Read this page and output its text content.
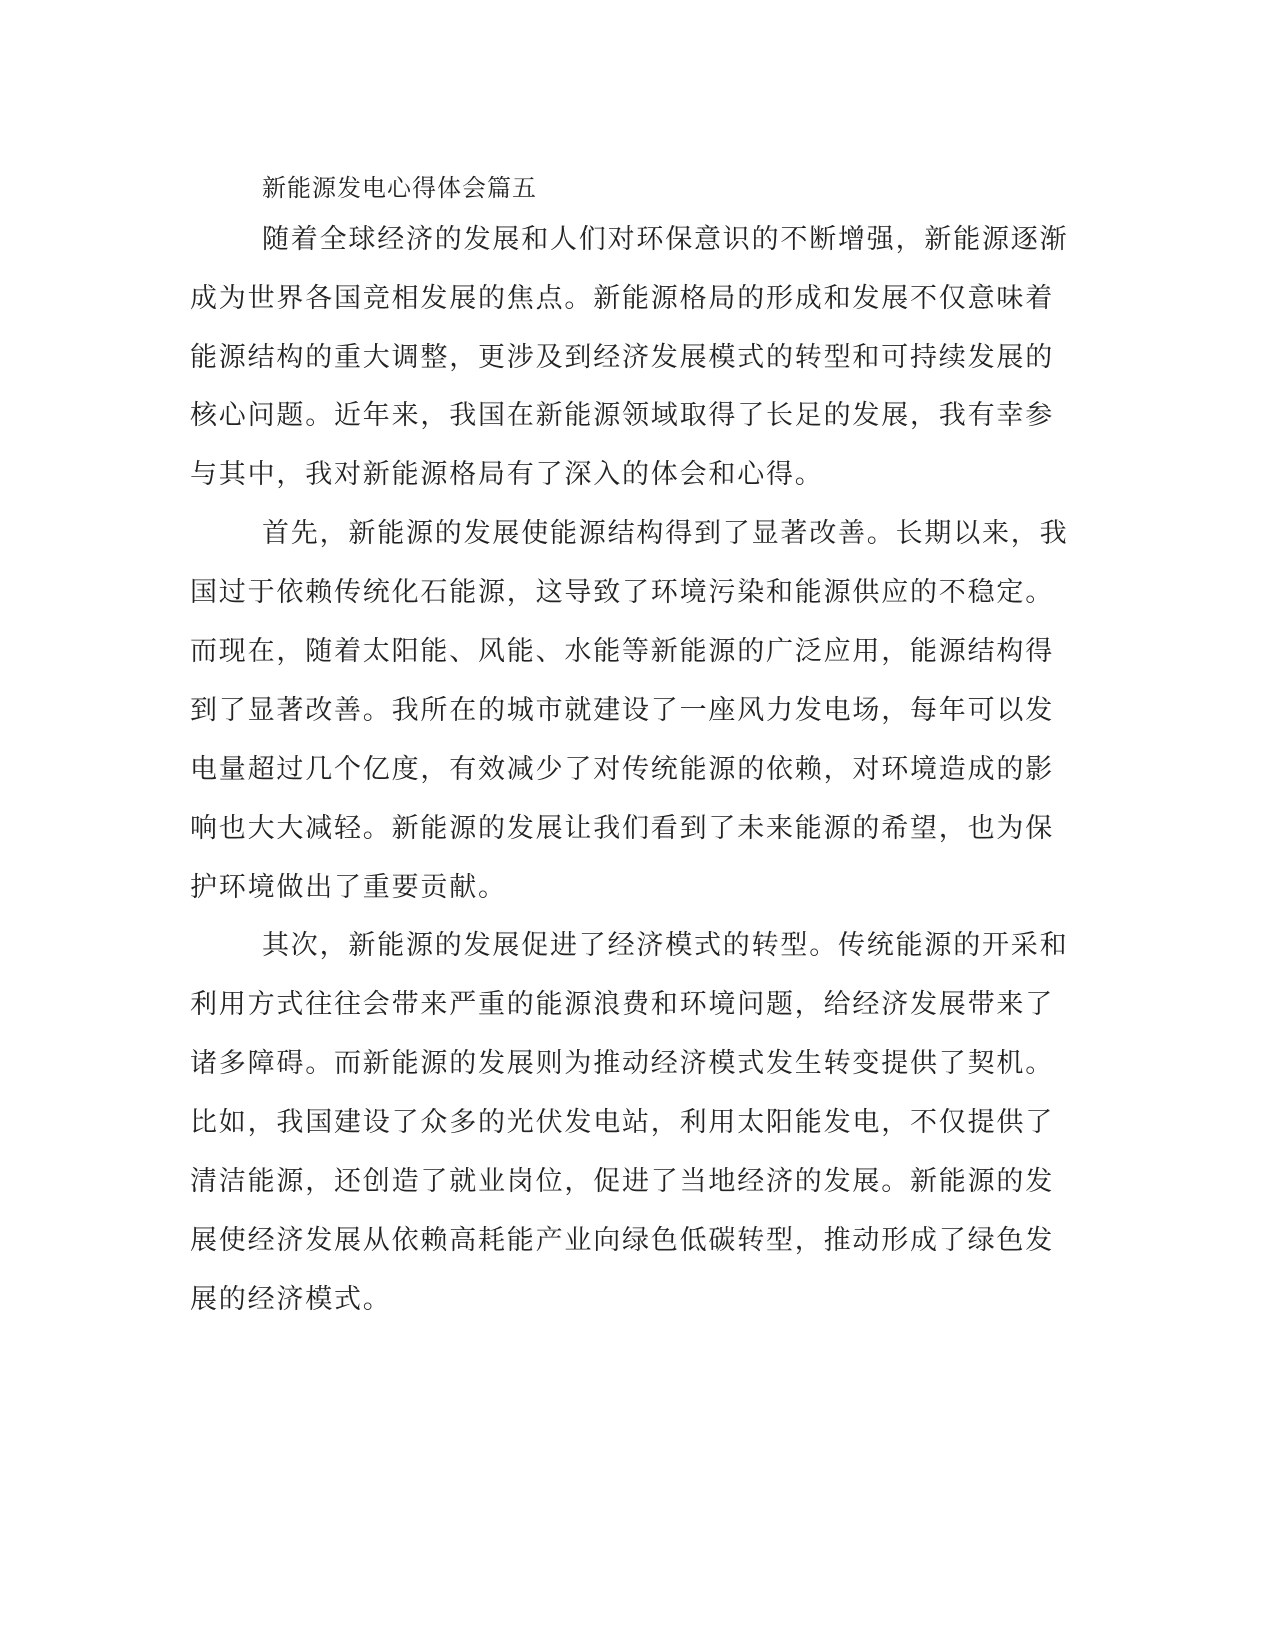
新能源发电心得体会篇五
随着全球经济的发展和人们对环保意识的不断增强，新能源逐渐
成为世界各国竞相发展的焦点。新能源格局的形成和发展不仅意味着
能源结构的重大调整，更涉及到经济发展模式的转型和可持续发展的
核心问题。近年来，我国在新能源领域取得了长足的发展，我有幸参
与其中，我对新能源格局有了深入的体会和心得。
首先，新能源的发展使能源结构得到了显著改善。长期以来，我
国过于依赖传统化石能源，这导致了环境污染和能源供应的不稳定。
而现在，随着太阳能、风能、水能等新能源的广泛应用，能源结构得
到了显著改善。我所在的城市就建设了一座风力发电场，每年可以发
电量超过几个亿度，有效减少了对传统能源的依赖，对环境造成的影
响也大大减轻。新能源的发展让我们看到了未来能源的希望，也为保
护环境做出了重要贡献。
其次，新能源的发展促进了经济模式的转型。传统能源的开采和
利用方式往往会带来严重的能源浪费和环境问题，给经济发展带来了
诸多障碍。而新能源的发展则为推动经济模式发生转变提供了契机。
比如，我国建设了众多的光伏发电站，利用太阳能发电，不仅提供了
清洁能源，还创造了就业岗位，促进了当地经济的发展。新能源的发
展使经济发展从依赖高耗能产业向绿色低碳转型，推动形成了绿色发
展的经济模式。
